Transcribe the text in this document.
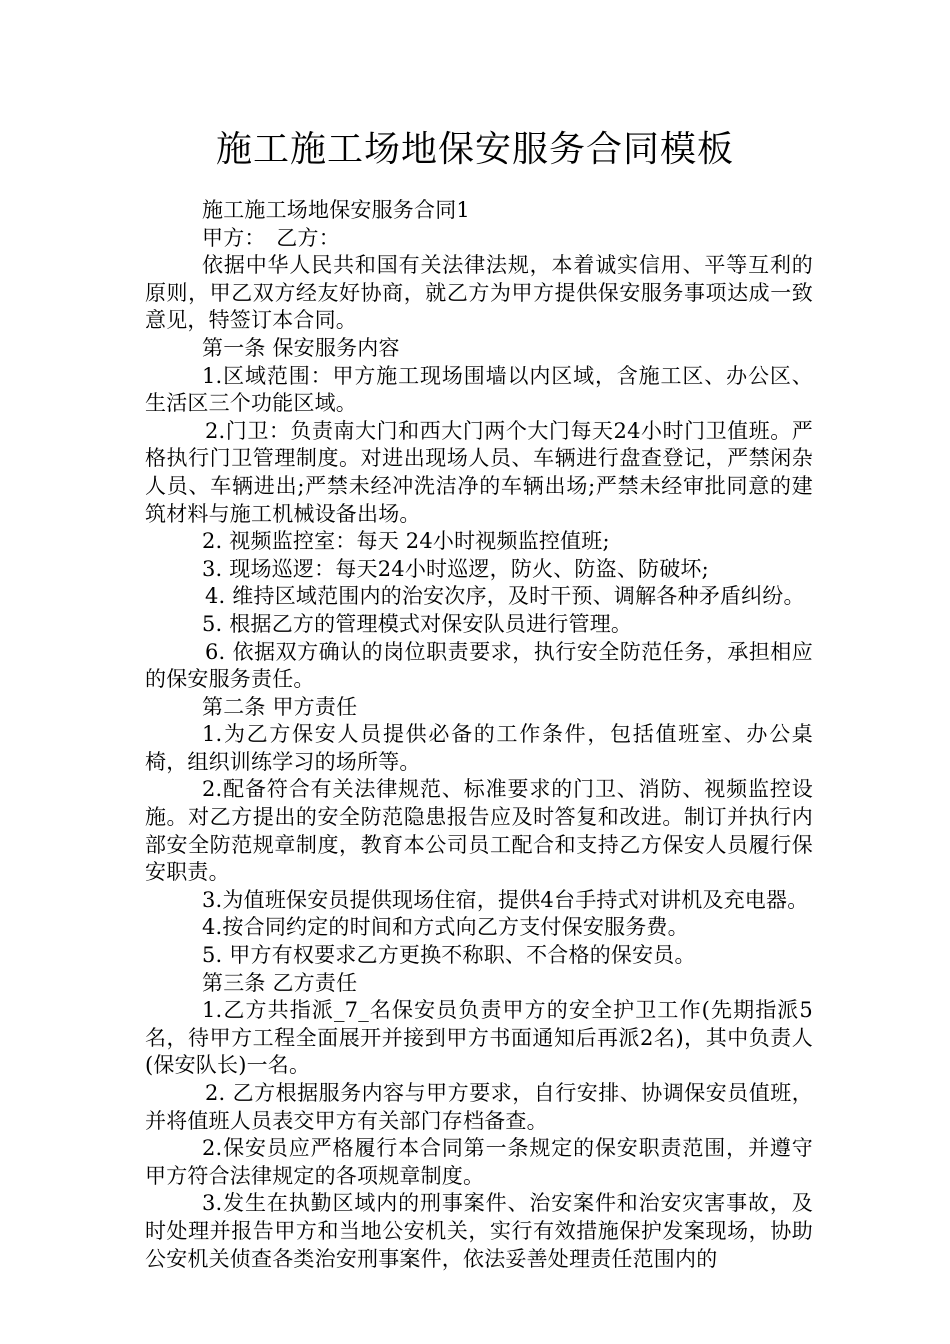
施工施工场地保安服务合同模板

施工施工场地保安服务合同1

甲方：　乙方：

依据中华人民共和国有关法律法规，本着诚实信用、平等互利的原则，甲乙双方经友好协商，就乙方为甲方提供保安服务事项达成一致意见，特签订本合同。

第一条 保安服务内容

1.区域范围：甲方施工现场围墙以内区域，含施工区、办公区、生活区三个功能区域。

2.门卫：负责南大门和西大门两个大门每天24小时门卫值班。严格执行门卫管理制度。对进出现场人员、车辆进行盘查登记，严禁闲杂人员、车辆进出;严禁未经冲洗洁净的车辆出场;严禁未经审批同意的建筑材料与施工机械设备出场。

2. 视频监控室：每天 24小时视频监控值班;

3. 现场巡逻：每天24小时巡逻，防火、防盗、防破坏;

4. 维持区域范围内的治安次序，及时干预、调解各种矛盾纠纷。

5. 根据乙方的管理模式对保安队员进行管理。

6. 依据双方确认的岗位职责要求，执行安全防范任务，承担相应的保安服务责任。

第二条 甲方责任

1.为乙方保安人员提供必备的工作条件，包括值班室、办公桌椅，组织训练学习的场所等。

2.配备符合有关法律规范、标准要求的门卫、消防、视频监控设施。对乙方提出的安全防范隐患报告应及时答复和改进。制订并执行内部安全防范规章制度，教育本公司员工配合和支持乙方保安人员履行保安职责。

3.为值班保安员提供现场住宿，提供4台手持式对讲机及充电器。

4.按合同约定的时间和方式向乙方支付保安服务费。

5. 甲方有权要求乙方更换不称职、不合格的保安员。

第三条 乙方责任

1.乙方共指派_7_名保安员负责甲方的安全护卫工作(先期指派5名，待甲方工程全面展开并接到甲方书面通知后再派2名)，其中负责人(保安队长)一名。

2. 乙方根据服务内容与甲方要求，自行安排、协调保安员值班，并将值班人员表交甲方有关部门存档备查。

2.保安员应严格履行本合同第一条规定的保安职责范围，并遵守甲方符合法律规定的各项规章制度。

3.发生在执勤区域内的刑事案件、治安案件和治安灾害事故，及时处理并报告甲方和当地公安机关，实行有效措施保护发案现场，协助公安机关侦查各类治安刑事案件，依法妥善处理责任范围内的
